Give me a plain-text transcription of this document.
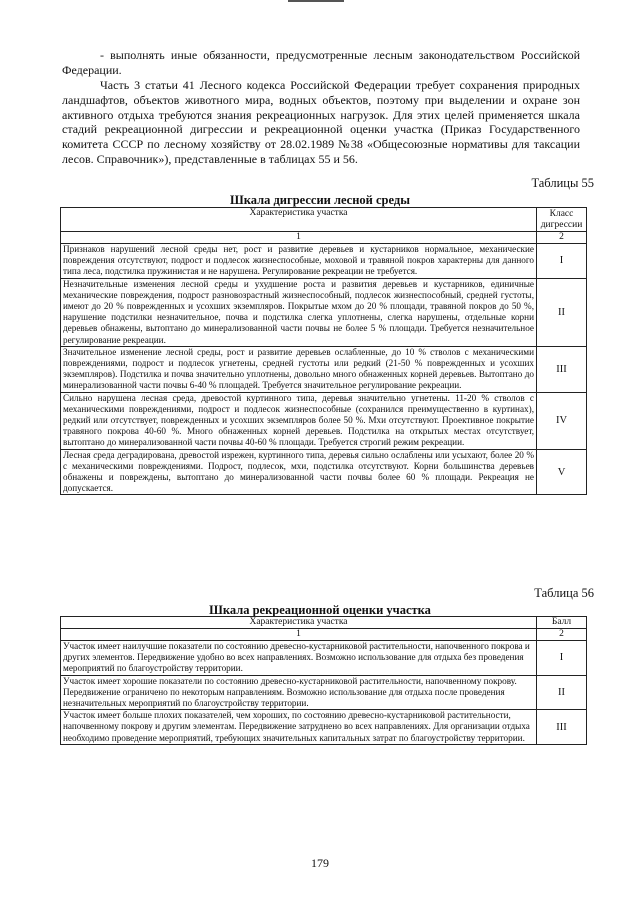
- выполнять иные обязанности, предусмотренные лесным законодательством Российской Федерации.

Часть 3 статьи 41 Лесного кодекса Российской Федерации требует сохранения природных ландшафтов, объектов животного мира, водных объектов, поэтому при выделении и охране зон активного отдыха требуются знания рекреационных нагрузок. Для этих целей применяется шкала стадий рекреационной дигрессии и рекреационной оценки участка (Приказ Государственного комитета СССР по лесному хозяйству от 28.02.1989 №38 «Общесоюзные нормативы для таксации лесов. Справочник»), представленные в таблицах 55 и 56.

Таблицы 55
Шкала дигрессии лесной среды
Характеристика участка	Класс дигрессии
1	2
Признаков нарушений лесной среды нет, рост и развитие деревьев и кустарников нормальное, механические повреждения отсутствуют, подрост и подлесок жизнеспособные, моховой и травяной покров характерны для данного типа леса, подстилка пружинистая и не нарушена. Регулирование рекреации не требуется.	I
Незначительные изменения лесной среды и ухудшение роста и развития деревьев и кустарников, единичные механические повреждения, подрост разновозрастный жизнеспособный, подлесок жизнеспособный, средней густоты, имеют до 20 % поврежденных и усохших экземпляров. Покрытые мхом до 20 % площади, травяной покров до 50 %, нарушение подстилки незначительное, почва и подстилка слегка уплотнены, слегка нарушены, отдельные корни деревьев обнажены, вытоптано до минерализованной части почвы не более 5 % площади. Требуется незначительное регулирование рекреации.	II
Значительное изменение лесной среды, рост и развитие деревьев ослабленные, до 10 % стволов с механическими повреждениями, подрост и подлесок угнетены, средней густоты или редкий (21-50 % поврежденных и усохших экземпляров). Подстилка и почва значительно уплотнены, довольно много обнаженных корней деревьев. Вытоптано до минерализованной части почвы 6-40 % площадей. Требуется значительное регулирование рекреации.	III
Сильно нарушена лесная среда, древостой куртинного типа, деревья значительно угнетены. 11-20 % стволов с механическими повреждениями, подрост и подлесок жизнеспособные (сохранился преимущественно в куртинах), редкий или отсутствует, поврежденных и усохших экземпляров более 50 %. Мхи отсутствуют. Проективное покрытие травяного покрова 40-60 %. Много обнаженных корней деревьев. Подстилка на открытых местах отсутствует, вытоптано до минерализованной части почвы 40-60 % площади. Требуется строгий режим рекреации.	IV
Лесная среда деградирована, древостой изрежен, куртинного типа, деревья сильно ослаблены или усыхают, более 20 % с механическими повреждениями. Подрост, подлесок, мхи, подстилка отсутствуют. Корни большинства деревьев обнажены и повреждены, вытоптано до минерализованной части почвы более 60 % площади. Рекреация не допускается.	V
Таблица 56
Шкала рекреационной оценки участка
Характеристика участка	Балл
1	2
Участок имеет наилучшие показатели по состоянию древесно-кустарниковой растительности, напочвенного покрова и других элементов. Передвижение удобно во всех направлениях. Возможно использование для отдыха без проведения мероприятий по благоустройству территории.	I
Участок имеет хорошие показатели по состоянию древесно-кустарниковой растительности, напочвенному покрову. Передвижение ограничено по некоторым направлениям. Возможно использование для отдыха после проведения незначительных мероприятий по благоустройству территории.	II
Участок имеет больше плохих показателей, чем хороших, по состоянию древесно-кустарниковой растительности, напочвенному покрову и другим элементам. Передвижение затруднено во всех направлениях. Для организации отдыха необходимо проведение мероприятий, требующих значительных капитальных затрат по благоустройству территории.	III
179
